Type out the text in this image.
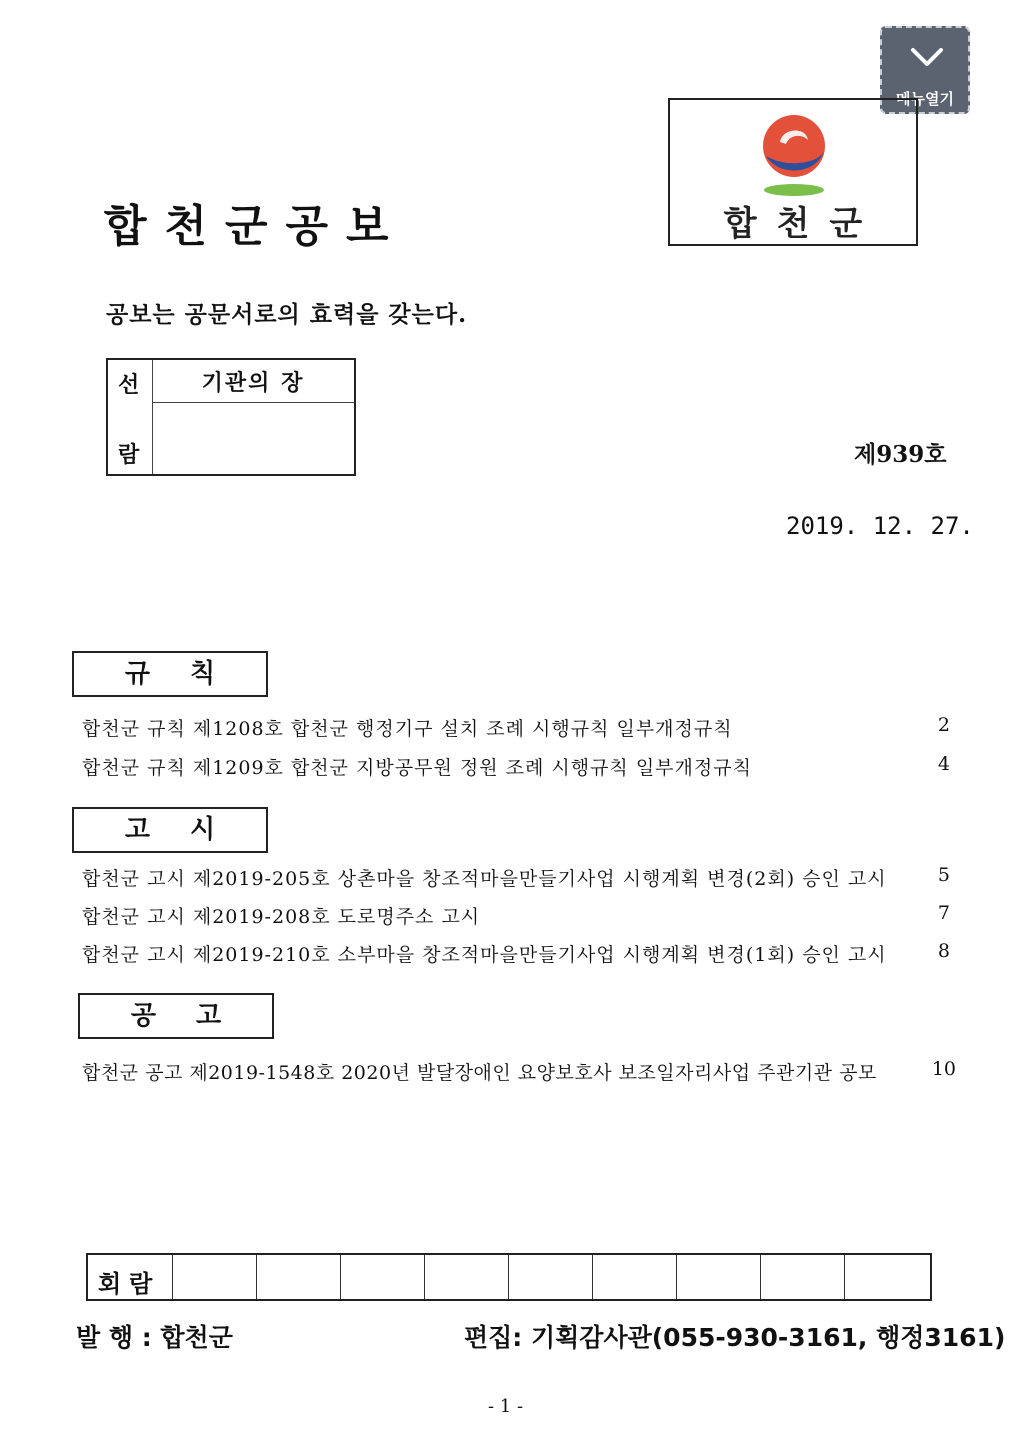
메뉴열기
합천군
합천군공보
공보는 공문서로의 효력을 갖는다.
선
람
기관의 장
제939호
2019. 12. 27.
규칙
합천군 규칙 제1208호 합천군 행정기구 설치 조례 시행규칙 일부개정규칙	2
합천군 규칙 제1209호 합천군 지방공무원 정원 조례 시행규칙 일부개정규칙	4
고시
합천군 고시 제2019-205호 상촌마을 창조적마을만들기사업 시행계획 변경(2회) 승인 고시	5
합천군 고시 제2019-208호 도로명주소 고시	7
합천군 고시 제2019-210호 소부마을 창조적마을만들기사업 시행계획 변경(1회) 승인 고시	8
공고
합천군 공고 제2019-1548호 2020년 발달장애인 요양보호사 보조일자리사업 주관기관 공모	10
회람
발 행 : 합천군	편집: 기획감사관(055-930-3161, 행정3161)
- 1 -
